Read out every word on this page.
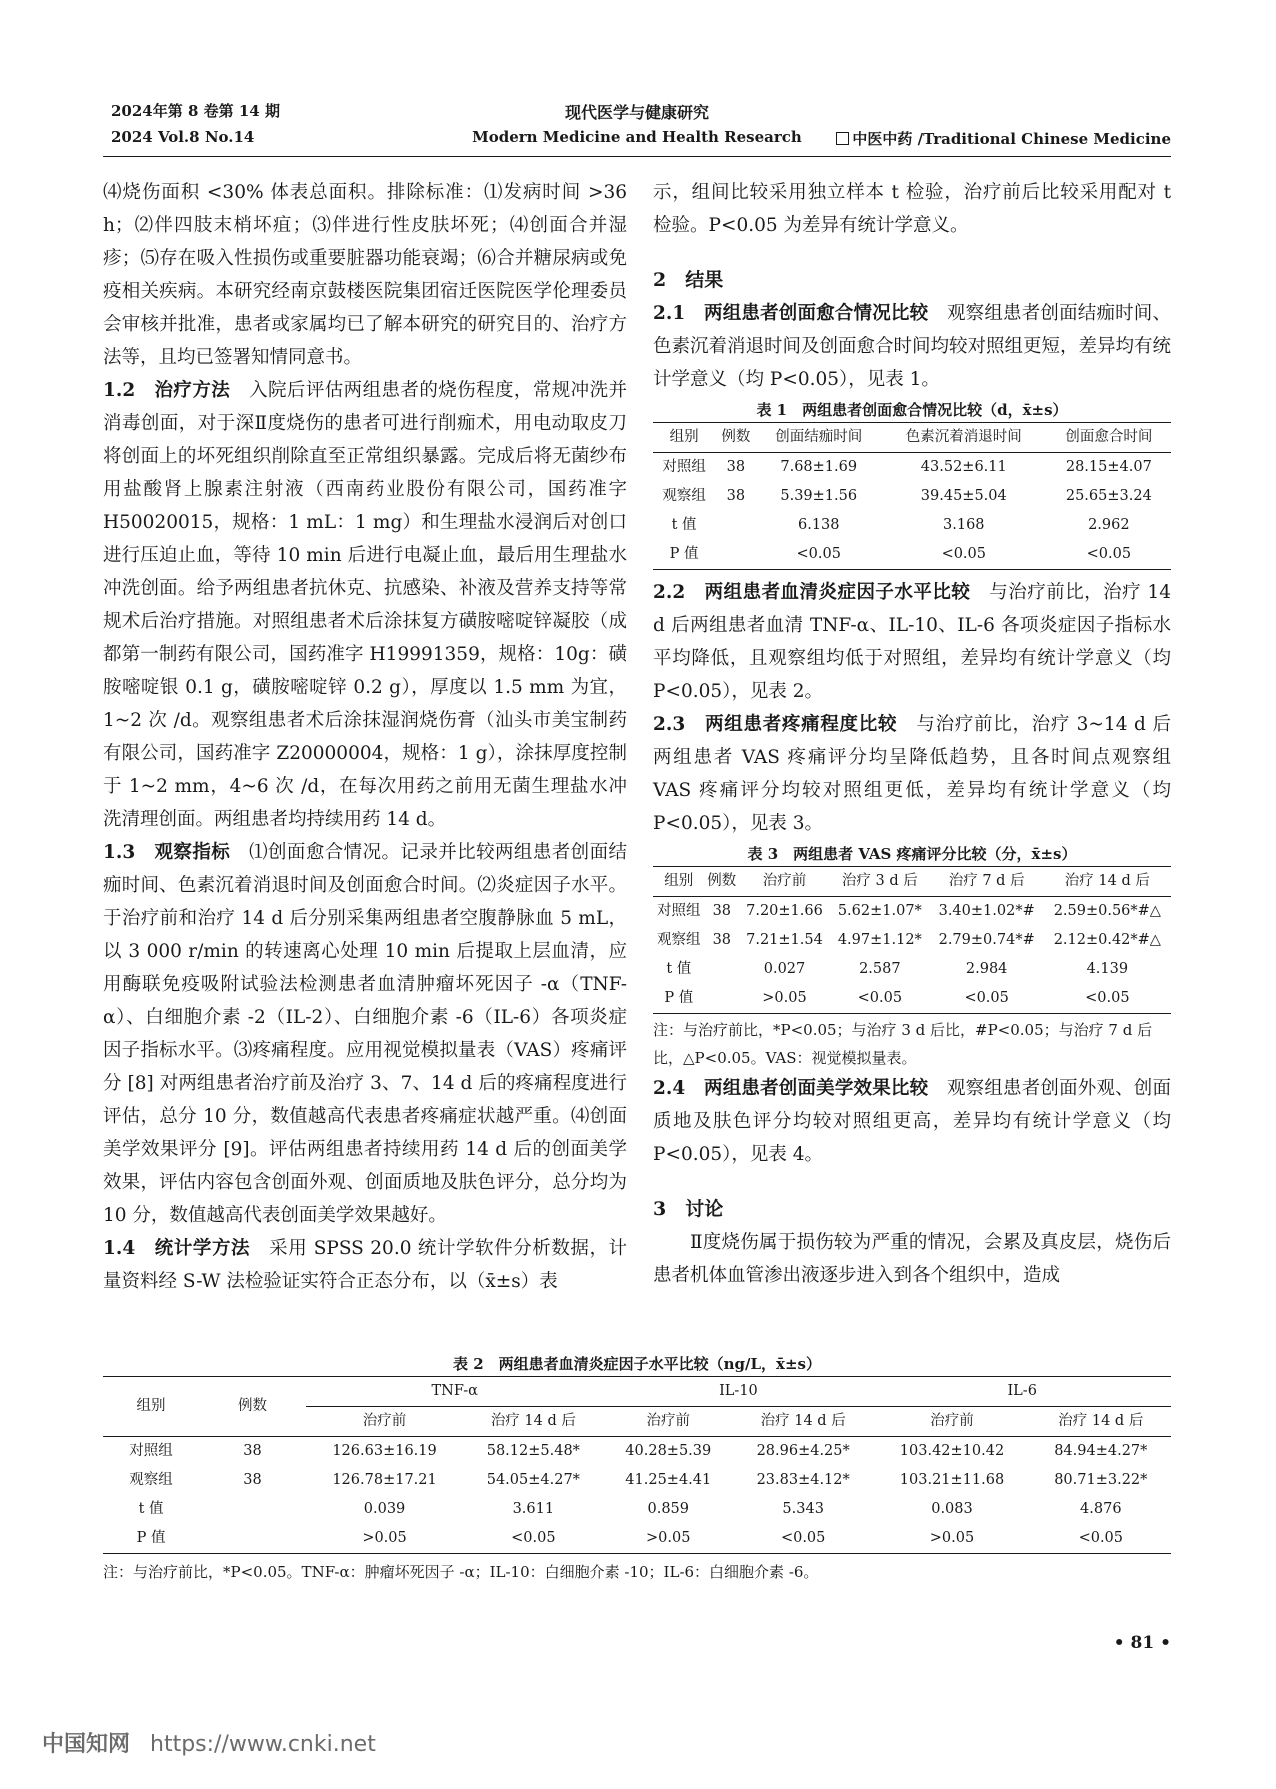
2024年第 8 卷第 14 期
2024 Vol.8 No.14
现代医学与健康研究
Modern Medicine and Health Research	中医中药 /Traditional Chinese Medicine

⑷烧伤面积 <30% 体表总面积。排除标准：⑴发病时间 >36 h；⑵伴四肢末梢坏疽；⑶伴进行性皮肤坏死；⑷创面合并湿疹；⑸存在吸入性损伤或重要脏器功能衰竭；⑹合并糖尿病或免疫相关疾病。本研究经南京鼓楼医院集团宿迁医院医学伦理委员会审核并批准，患者或家属均已了解本研究的研究目的、治疗方法等，且均已签署知情同意书。

1.2　治疗方法　入院后评估两组患者的烧伤程度，常规冲洗并消毒创面，对于深Ⅱ度烧伤的患者可进行削痂术，用电动取皮刀将创面上的坏死组织削除直至正常组织暴露。完成后将无菌纱布用盐酸肾上腺素注射液（西南药业股份有限公司，国药准字 H50020015，规格：1 mL：1 mg）和生理盐水浸润后对创口进行压迫止血，等待 10 min 后进行电凝止血，最后用生理盐水冲洗创面。给予两组患者抗休克、抗感染、补液及营养支持等常规术后治疗措施。对照组患者术后涂抹复方磺胺嘧啶锌凝胶（成都第一制药有限公司，国药准字 H19991359，规格：10g：磺胺嘧啶银 0.1 g，磺胺嘧啶锌 0.2 g），厚度以 1.5 mm 为宜，1~2 次 /d。观察组患者术后涂抹湿润烧伤膏（汕头市美宝制药有限公司，国药准字 Z20000004，规格：1 g），涂抹厚度控制于 1~2 mm，4~6 次 /d，在每次用药之前用无菌生理盐水冲洗清理创面。两组患者均持续用药 14 d。

1.3　观察指标　⑴创面愈合情况。记录并比较两组患者创面结痂时间、色素沉着消退时间及创面愈合时间。⑵炎症因子水平。于治疗前和治疗 14 d 后分别采集两组患者空腹静脉血 5 mL，以 3 000 r/min 的转速离心处理 10 min 后提取上层血清，应用酶联免疫吸附试验法检测患者血清肿瘤坏死因子 -α（TNF-α）、白细胞介素 -2（IL-2）、白细胞介素 -6（IL-6）各项炎症因子指标水平。⑶疼痛程度。应用视觉模拟量表（VAS）疼痛评分 [8] 对两组患者治疗前及治疗 3、7、14 d 后的疼痛程度进行评估，总分 10 分，数值越高代表患者疼痛症状越严重。⑷创面美学效果评分 [9]。评估两组患者持续用药 14 d 后的创面美学效果，评估内容包含创面外观、创面质地及肤色评分，总分均为 10 分，数值越高代表创面美学效果越好。

1.4　统计学方法　采用 SPSS 20.0 统计学软件分析数据，计量资料经 S-W 法检验证实符合正态分布，以（x̄±s）表

示，组间比较采用独立样本 t 检验，治疗前后比较采用配对 t 检验。P<0.05 为差异有统计学意义。

2　结果

2.1　两组患者创面愈合情况比较　观察组患者创面结痂时间、色素沉着消退时间及创面愈合时间均较对照组更短，差异均有统计学意义（均 P<0.05），见表 1。

表 1　两组患者创面愈合情况比较（d，x̄±s）
组别	例数	创面结痂时间	色素沉着消退时间	创面愈合时间
对照组	38	7.68±1.69	43.52±6.11	28.15±4.07
观察组	38	5.39±1.56	39.45±5.04	25.65±3.24
t 值		6.138	3.168	2.962
P 值		<0.05	<0.05	<0.05

2.2　两组患者血清炎症因子水平比较　与治疗前比，治疗 14 d 后两组患者血清 TNF-α、IL-10、IL-6 各项炎症因子指标水平均降低，且观察组均低于对照组，差异均有统计学意义（均 P<0.05），见表 2。

2.3　两组患者疼痛程度比较　与治疗前比，治疗 3~14 d 后两组患者 VAS 疼痛评分均呈降低趋势，且各时间点观察组 VAS 疼痛评分均较对照组更低，差异均有统计学意义（均 P<0.05），见表 3。

表 3　两组患者 VAS 疼痛评分比较（分，x̄±s）
组别	例数	治疗前	治疗 3 d 后	治疗 7 d 后	治疗 14 d 后
对照组	38	7.20±1.66	5.62±1.07*	3.40±1.02*#	2.59±0.56*#△
观察组	38	7.21±1.54	4.97±1.12*	2.79±0.74*#	2.12±0.42*#△
t 值		0.027	2.587	2.984	4.139
P 值		>0.05	<0.05	<0.05	<0.05
注：与治疗前比，*P<0.05；与治疗 3 d 后比，#P<0.05；与治疗 7 d 后比，△P<0.05。VAS：视觉模拟量表。

2.4　两组患者创面美学效果比较　观察组患者创面外观、创面质地及肤色评分均较对照组更高，差异均有统计学意义（均 P<0.05），见表 4。

3　讨论

Ⅱ度烧伤属于损伤较为严重的情况，会累及真皮层，烧伤后患者机体血管渗出液逐步进入到各个组织中，造成

表 2　两组患者血清炎症因子水平比较（ng/L，x̄±s）
组别	例数	TNF-α		IL-10		IL-6	
		治疗前	治疗 14 d 后	治疗前	治疗 14 d 后	治疗前	治疗 14 d 后
对照组	38	126.63±16.19	58.12±5.48*	40.28±5.39	28.96±4.25*	103.42±10.42	84.94±4.27*
观察组	38	126.78±17.21	54.05±4.27*	41.25±4.41	23.83±4.12*	103.21±11.68	80.71±3.22*
t 值		0.039	3.611	0.859	5.343	0.083	4.876
P 值		>0.05	<0.05	>0.05	<0.05	>0.05	<0.05
注：与治疗前比，*P<0.05。TNF-α：肿瘤坏死因子 -α；IL-10：白细胞介素 -10；IL-6：白细胞介素 -6。
• 81 •
中国知网 https://www.cnki.net
